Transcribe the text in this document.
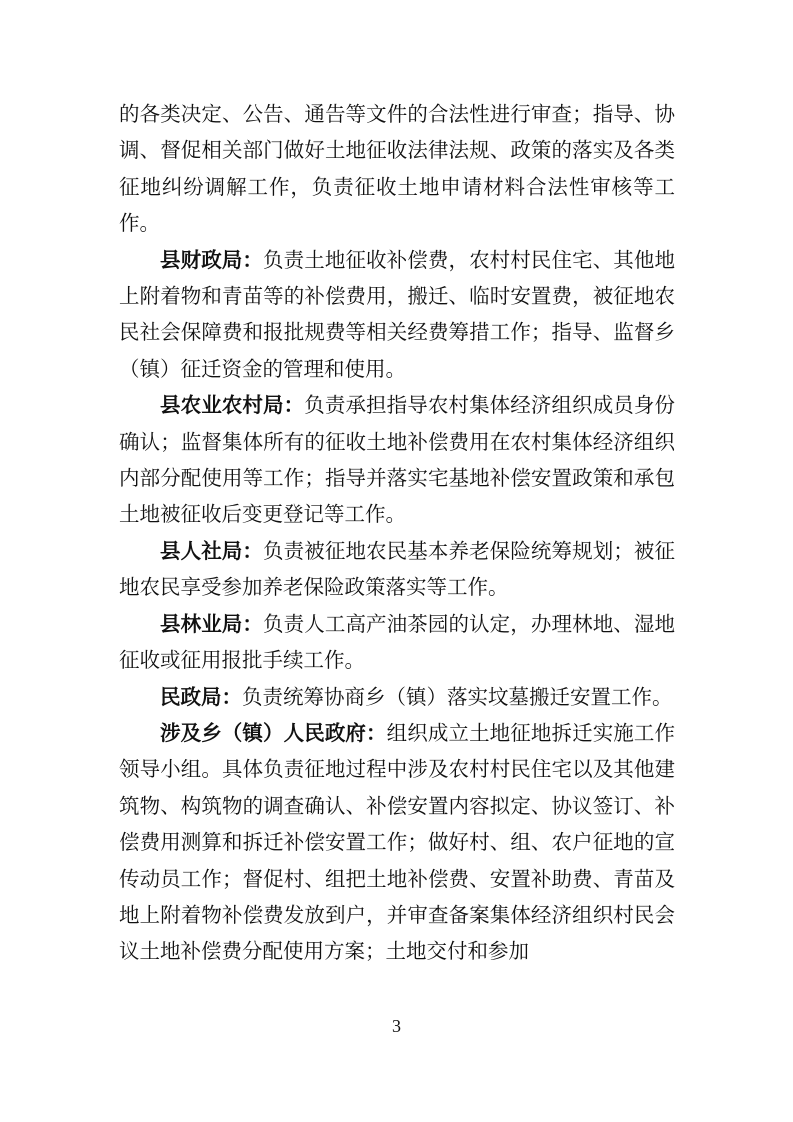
的各类决定、公告、通告等文件的合法性进行审查；指导、协调、督促相关部门做好土地征收法律法规、政策的落实及各类征地纠纷调解工作，负责征收土地申请材料合法性审核等工作。

县财政局：负责土地征收补偿费，农村村民住宅、其他地上附着物和青苗等的补偿费用，搬迁、临时安置费，被征地农民社会保障费和报批规费等相关经费筹措工作；指导、监督乡（镇）征迁资金的管理和使用。

县农业农村局：负责承担指导农村集体经济组织成员身份确认；监督集体所有的征收土地补偿费用在农村集体经济组织内部分配使用等工作；指导并落实宅基地补偿安置政策和承包土地被征收后变更登记等工作。

县人社局：负责被征地农民基本养老保险统筹规划；被征地农民享受参加养老保险政策落实等工作。

县林业局：负责人工高产油茶园的认定，办理林地、湿地征收或征用报批手续工作。

民政局：负责统筹协商乡（镇）落实坟墓搬迁安置工作。

涉及乡（镇）人民政府：组织成立土地征地拆迁实施工作领导小组。具体负责征地过程中涉及农村村民住宅以及其他建筑物、构筑物的调查确认、补偿安置内容拟定、协议签订、补偿费用测算和拆迁补偿安置工作；做好村、组、农户征地的宣传动员工作；督促村、组把土地补偿费、安置补助费、青苗及地上附着物补偿费发放到户，并审查备案集体经济组织村民会议土地补偿费分配使用方案；土地交付和参加

3
